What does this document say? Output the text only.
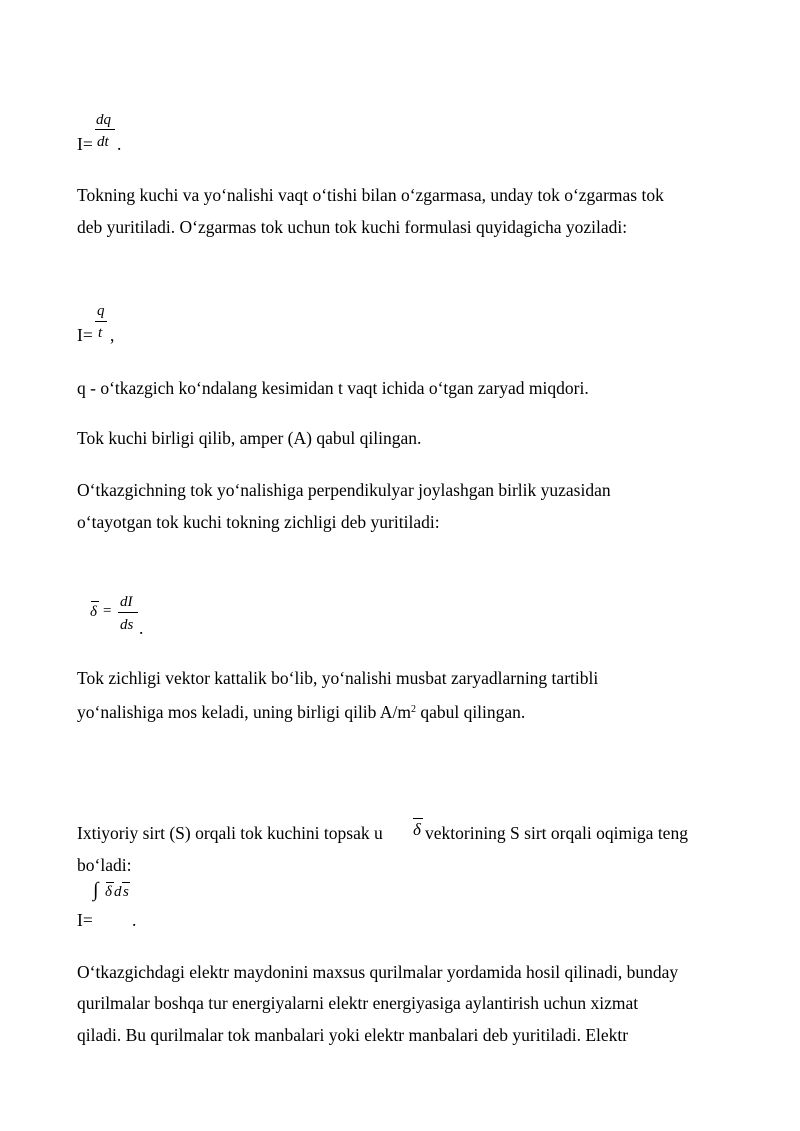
dq
I= dt .
Tokning kuchi va yo‘nalishi vaqt o‘tishi bilan o‘zgarmasa, unday tok o‘zgarmas tok
deb yuritiladi. O‘zgarmas tok uchun tok kuchi formulasi quyidagicha yoziladi:
q
I= t ,
q - o‘tkazgich ko‘ndalang kesimidan t vaqt ichida o‘tgan zaryad miqdori.
Tok kuchi birligi qilib, amper (A) qabul qilingan.
O‘tkazgichning tok yo‘nalishiga perpendikulyar joylashgan birlik yuzasidan
o‘tayotgan tok kuchi tokning zichligi deb yuritiladi:
δ =
dI
ds .
Tok zichligi vektor kattalik bo‘lib, yo‘nalishi musbat zaryadlarning tartibli
yo‘nalishiga mos keladi, uning birligi qilib $A/m^2$ qabul qilingan.
Ixtiyoriy sirt (S) orqali tok kuchini topsak u δ vektorining S sirt orqali oqimiga teng
bo‘ladi:
∫ δ d s
I= .
O‘tkazgichdagi elektr maydonini maxsus qurilmalar yordamida hosil qilinadi, bunday
qurilmalar boshqa tur energiyalarni elektr energiyasiga aylantirish uchun xizmat
qiladi. Bu qurilmalar tok manbalari yoki elektr manbalari deb yuritiladi. Elektr
